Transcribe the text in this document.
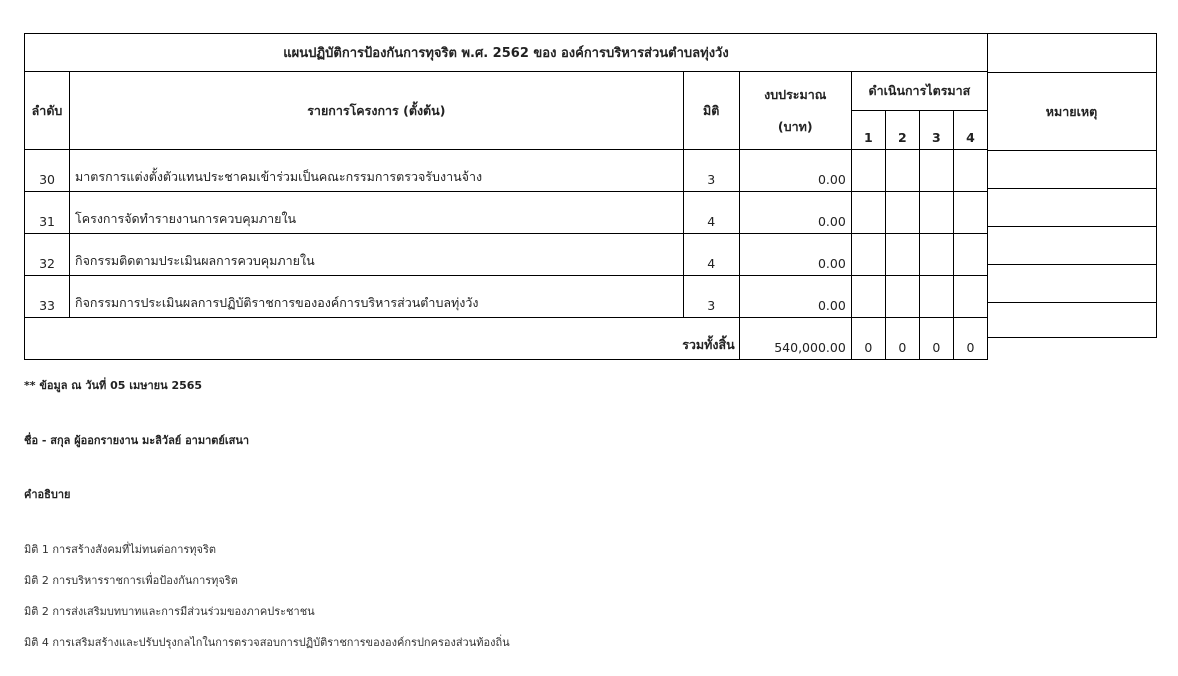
แผนปฏิบัติการป้องกันการทุจริต พ.ศ. 2562 ของ องค์การบริหารส่วนตำบลทุ่งวัง							
ลำดับ	รายการโครงการ (ตั้งต้น)	มิติ	งบประมาณ
(บาท)	ดำเนินการไตรมาส			
				1	2	3	4
30	มาตรการแต่งตั้งตัวแทนประชาคมเข้าร่วมเป็นคณะกรรมการตรวจรับงานจ้าง	3	0.00				
31	โครงการจัดทำรายงานการควบคุมภายใน	4	0.00				
32	กิจกรรมติดตามประเมินผลการควบคุมภายใน	4	0.00				
33	กิจกรรมการประเมินผลการปฏิบัติราชการขององค์การบริหารส่วนตำบลทุ่งวัง	3	0.00				
รวมทั้งสิ้น			540,000.00	0	0	0	0
หมายเหตุ
** ข้อมูล ณ วันที่ 05 เมษายน 2565
ชื่อ - สกุล ผู้ออกรายงาน มะลิวัลย์ อามาตย์เสนา
คำอธิบาย
มิติ 1 การสร้างสังคมที่ไม่ทนต่อการทุจริต
มิติ 2 การบริหารราชการเพื่อป้องกันการทุจริต
มิติ 2 การส่งเสริมบทบาทและการมีส่วนร่วมของภาคประชาชน
มิติ 4 การเสริมสร้างและปรับปรุงกลไกในการตรวจสอบการปฏิบัติราชการขององค์กรปกครองส่วนท้องถิ่น
